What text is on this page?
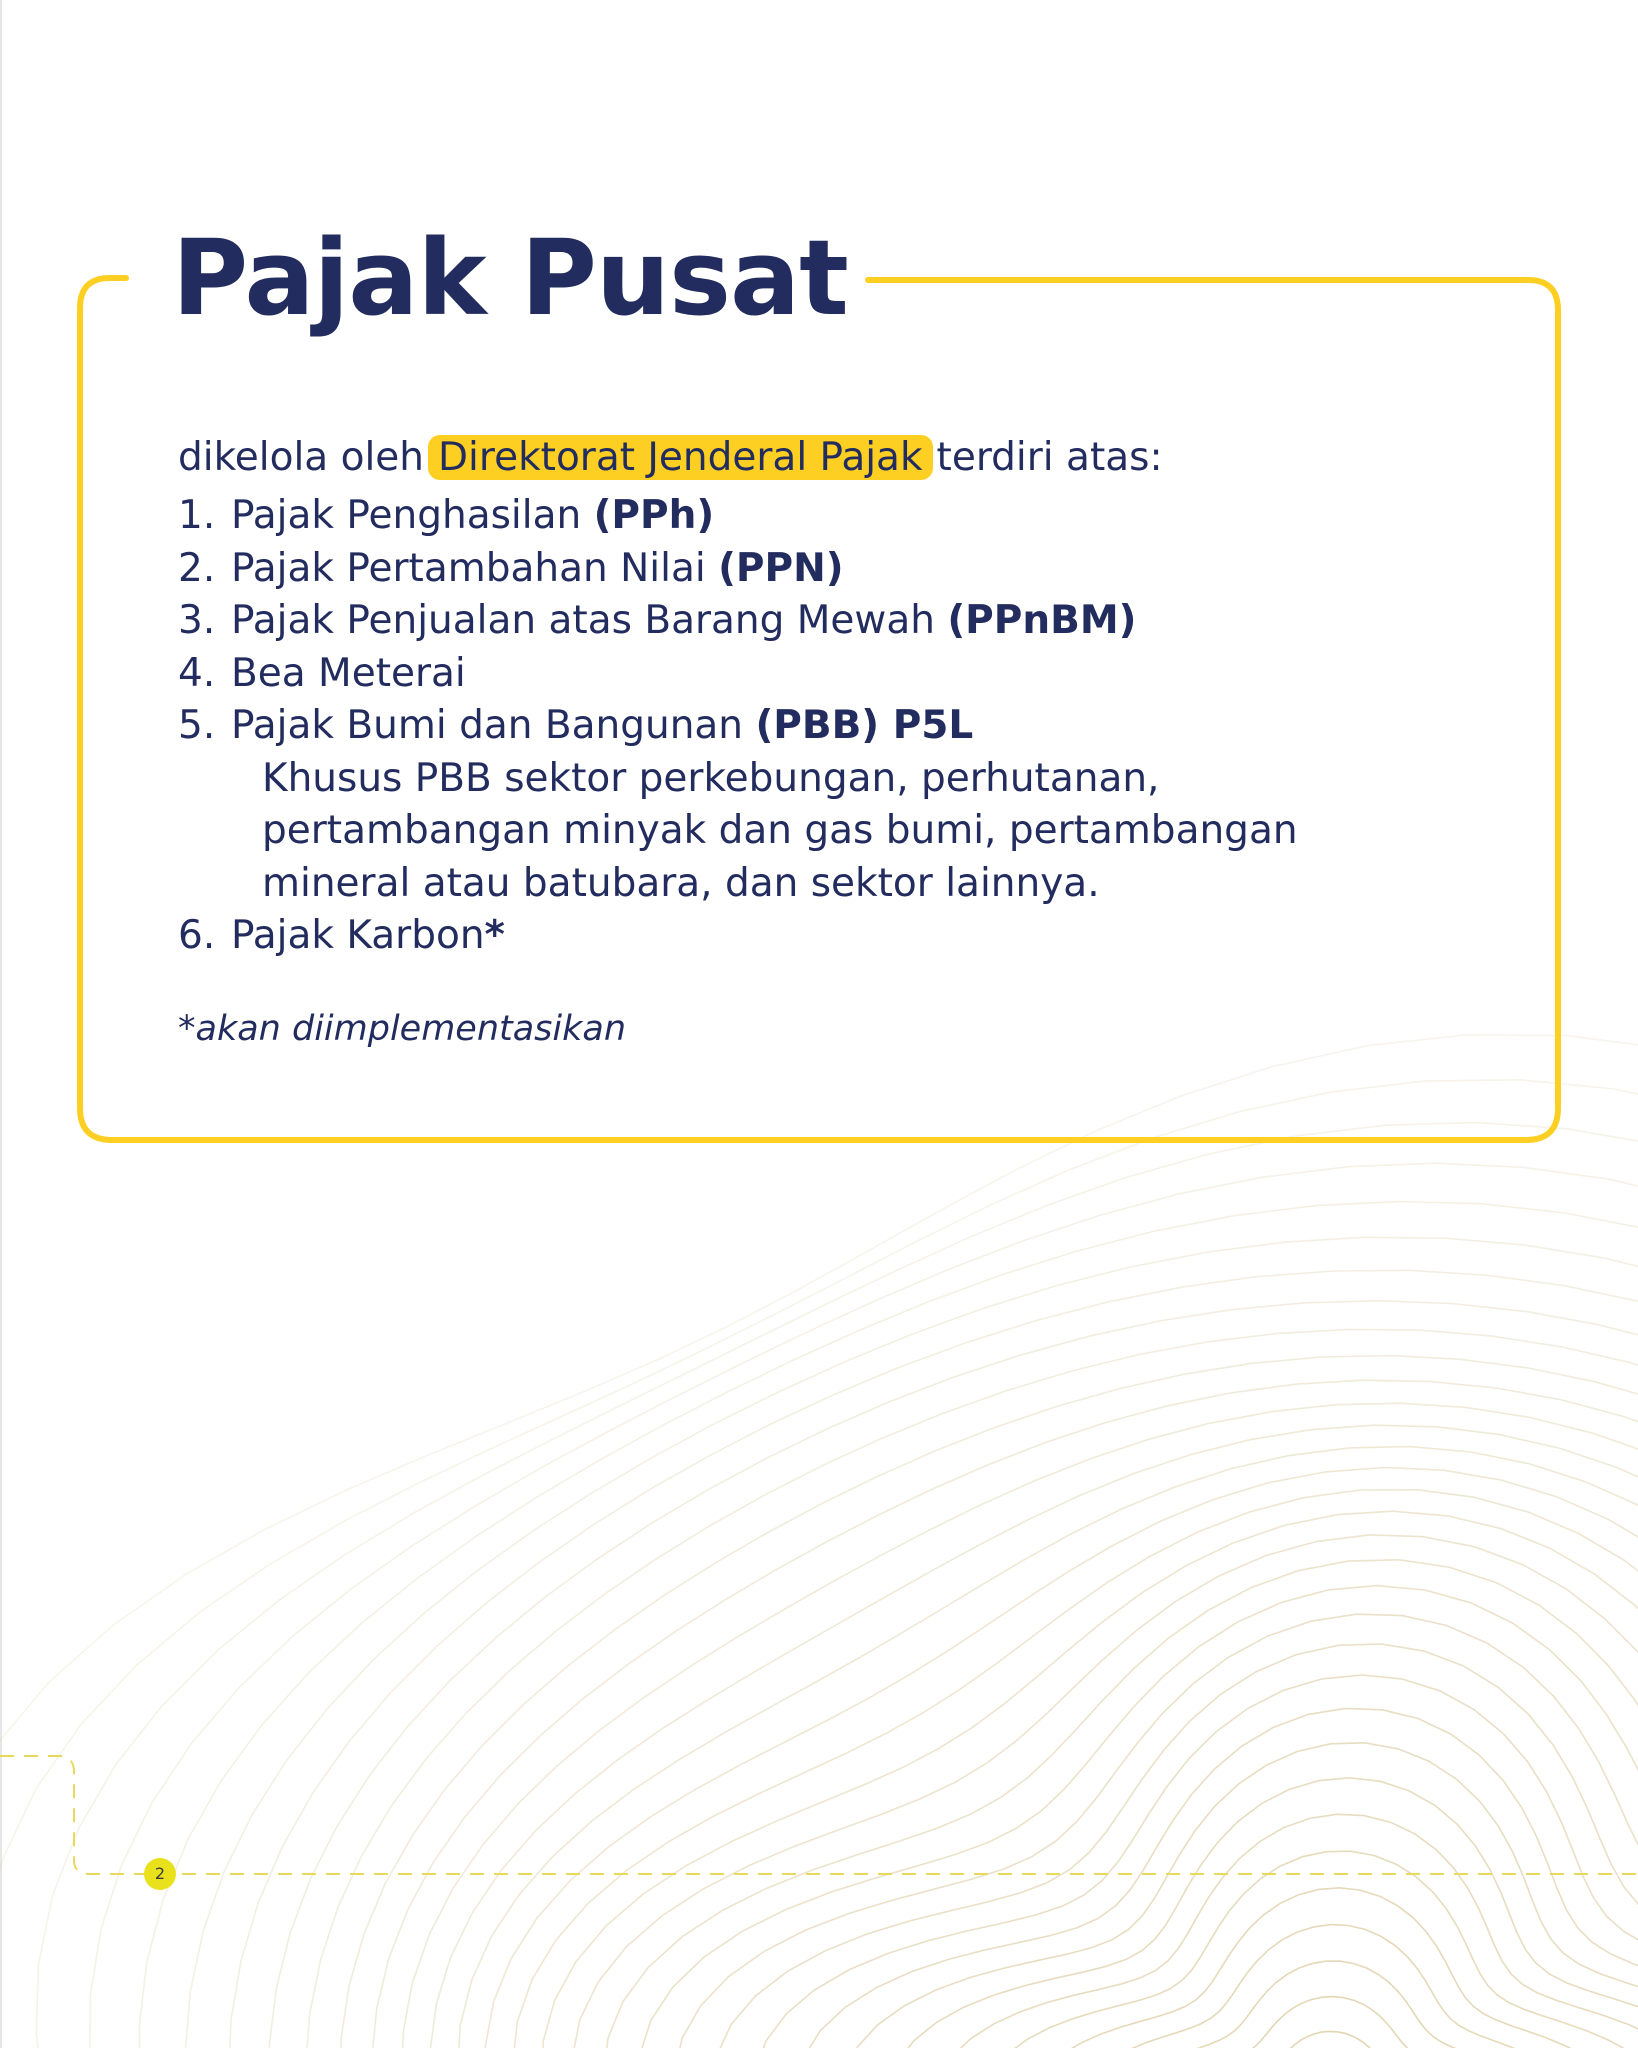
Pajak Pusat
dikelola oleh Direktorat Jenderal Pajak terdiri atas:
1. Pajak Penghasilan (PPh)
2. Pajak Pertambahan Nilai (PPN)
3. Pajak Penjualan atas Barang Mewah (PPnBM)
4. Bea Meterai
5. Pajak Bumi dan Bangunan (PBB) P5L
Khusus PBB sektor perkebungan, perhutanan,
pertambangan minyak dan gas bumi, pertambangan
mineral atau batubara, dan sektor lainnya.
6. Pajak Karbon*
*akan diimplementasikan
2
